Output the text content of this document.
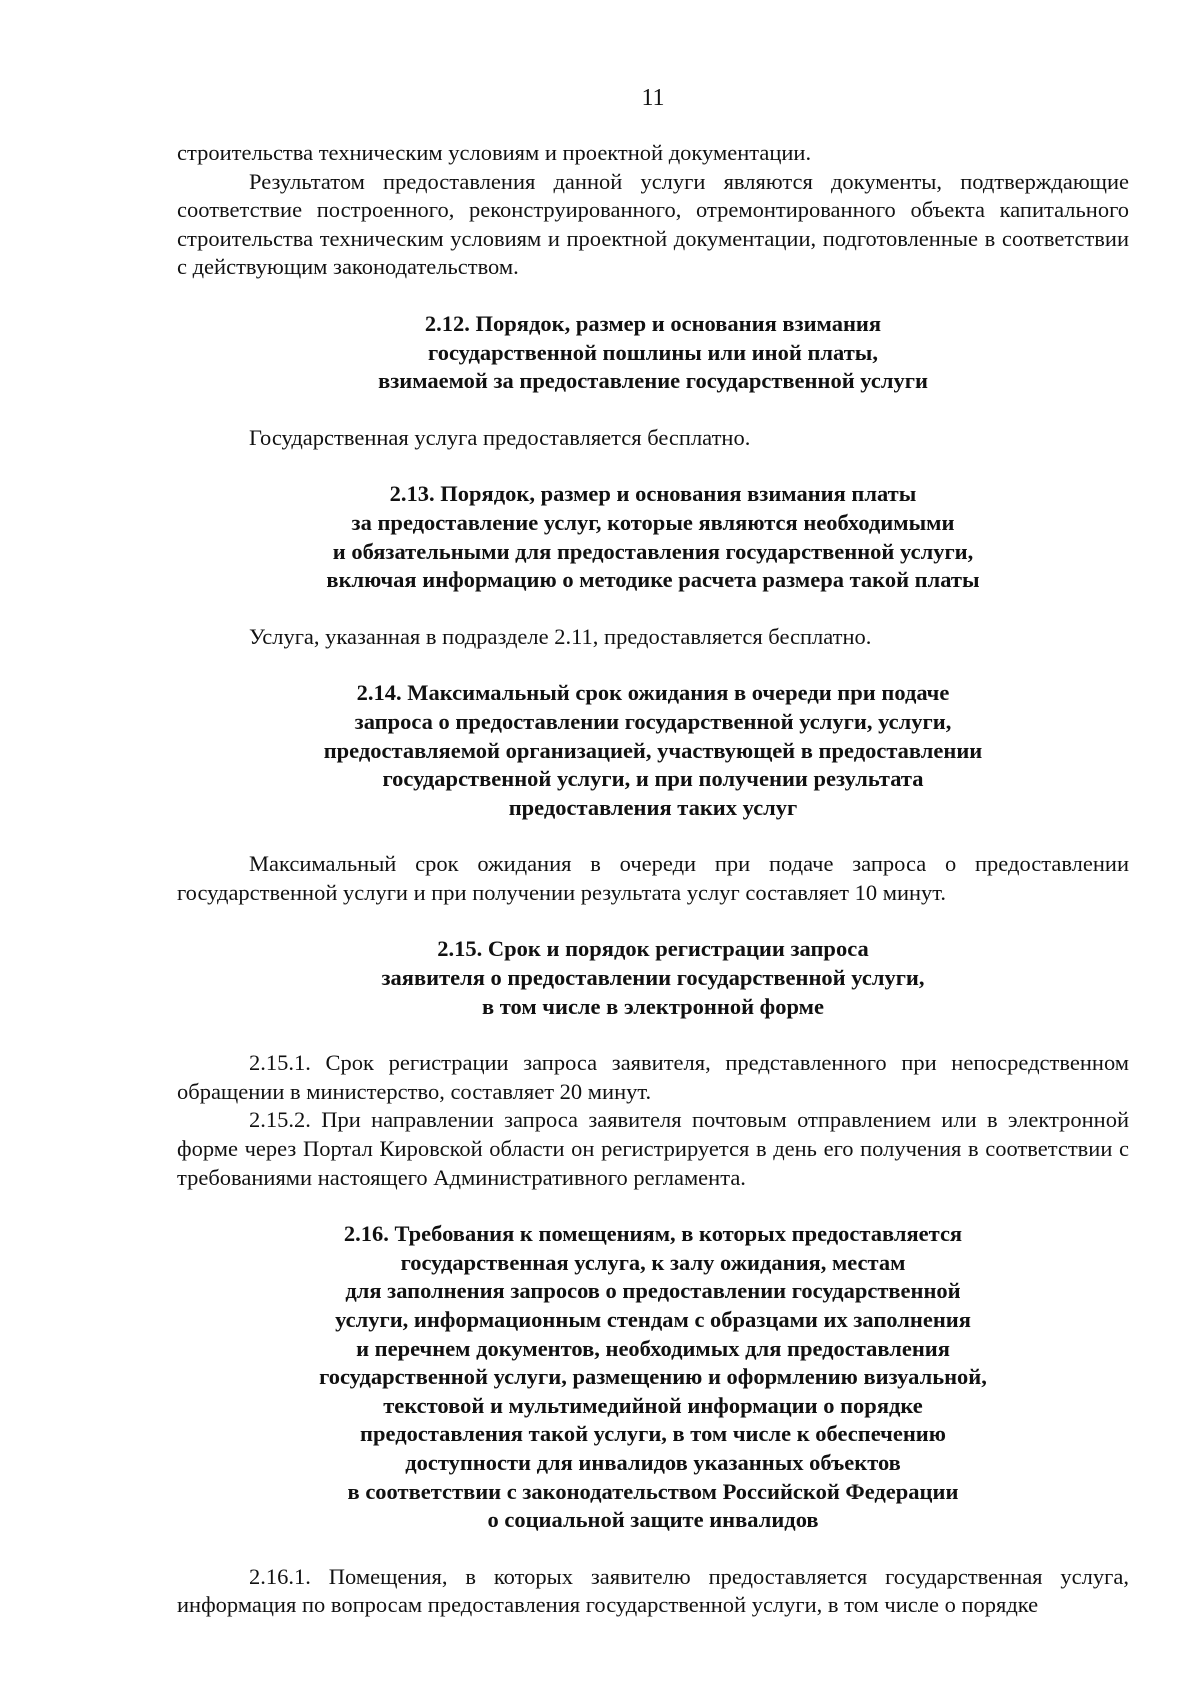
11

строительства техническим условиям и проектной документации.

Результатом предоставления данной услуги являются документы, подтверждающие соответствие построенного, реконструированного, отремонтированного объекта капитального строительства техническим условиям и проектной документации, подготовленные в соответствии с действующим законодательством.

2.12. Порядок, размер и основания взимания
государственной пошлины или иной платы,
взимаемой за предоставление государственной услуги

Государственная услуга предоставляется бесплатно.

2.13. Порядок, размер и основания взимания платы
за предоставление услуг, которые являются необходимыми
и обязательными для предоставления государственной услуги,
включая информацию о методике расчета размера такой платы

Услуга, указанная в подразделе 2.11, предоставляется бесплатно.

2.14. Максимальный срок ожидания в очереди при подаче
запроса о предоставлении государственной услуги, услуги,
предоставляемой организацией, участвующей в предоставлении
государственной услуги, и при получении результата
предоставления таких услуг

Максимальный срок ожидания в очереди при подаче запроса о предоставлении государственной услуги и при получении результата услуг составляет 10 минут.

2.15. Срок и порядок регистрации запроса
заявителя о предоставлении государственной услуги,
в том числе в электронной форме

2.15.1. Срок регистрации запроса заявителя, представленного при непосредственном обращении в министерство, составляет 20 минут.

2.15.2. При направлении запроса заявителя почтовым отправлением или в электронной форме через Портал Кировской области он регистрируется в день его получения в соответствии с требованиями настоящего Административного регламента.

2.16. Требования к помещениям, в которых предоставляется
государственная услуга, к залу ожидания, местам
для заполнения запросов о предоставлении государственной
услуги, информационным стендам с образцами их заполнения
и перечнем документов, необходимых для предоставления
государственной услуги, размещению и оформлению визуальной,
текстовой и мультимедийной информации о порядке
предоставления такой услуги, в том числе к обеспечению
доступности для инвалидов указанных объектов
в соответствии с законодательством Российской Федерации
о социальной защите инвалидов

2.16.1. Помещения, в которых заявителю предоставляется государственная услуга, информация по вопросам предоставления государственной услуги, в том числе о порядке
